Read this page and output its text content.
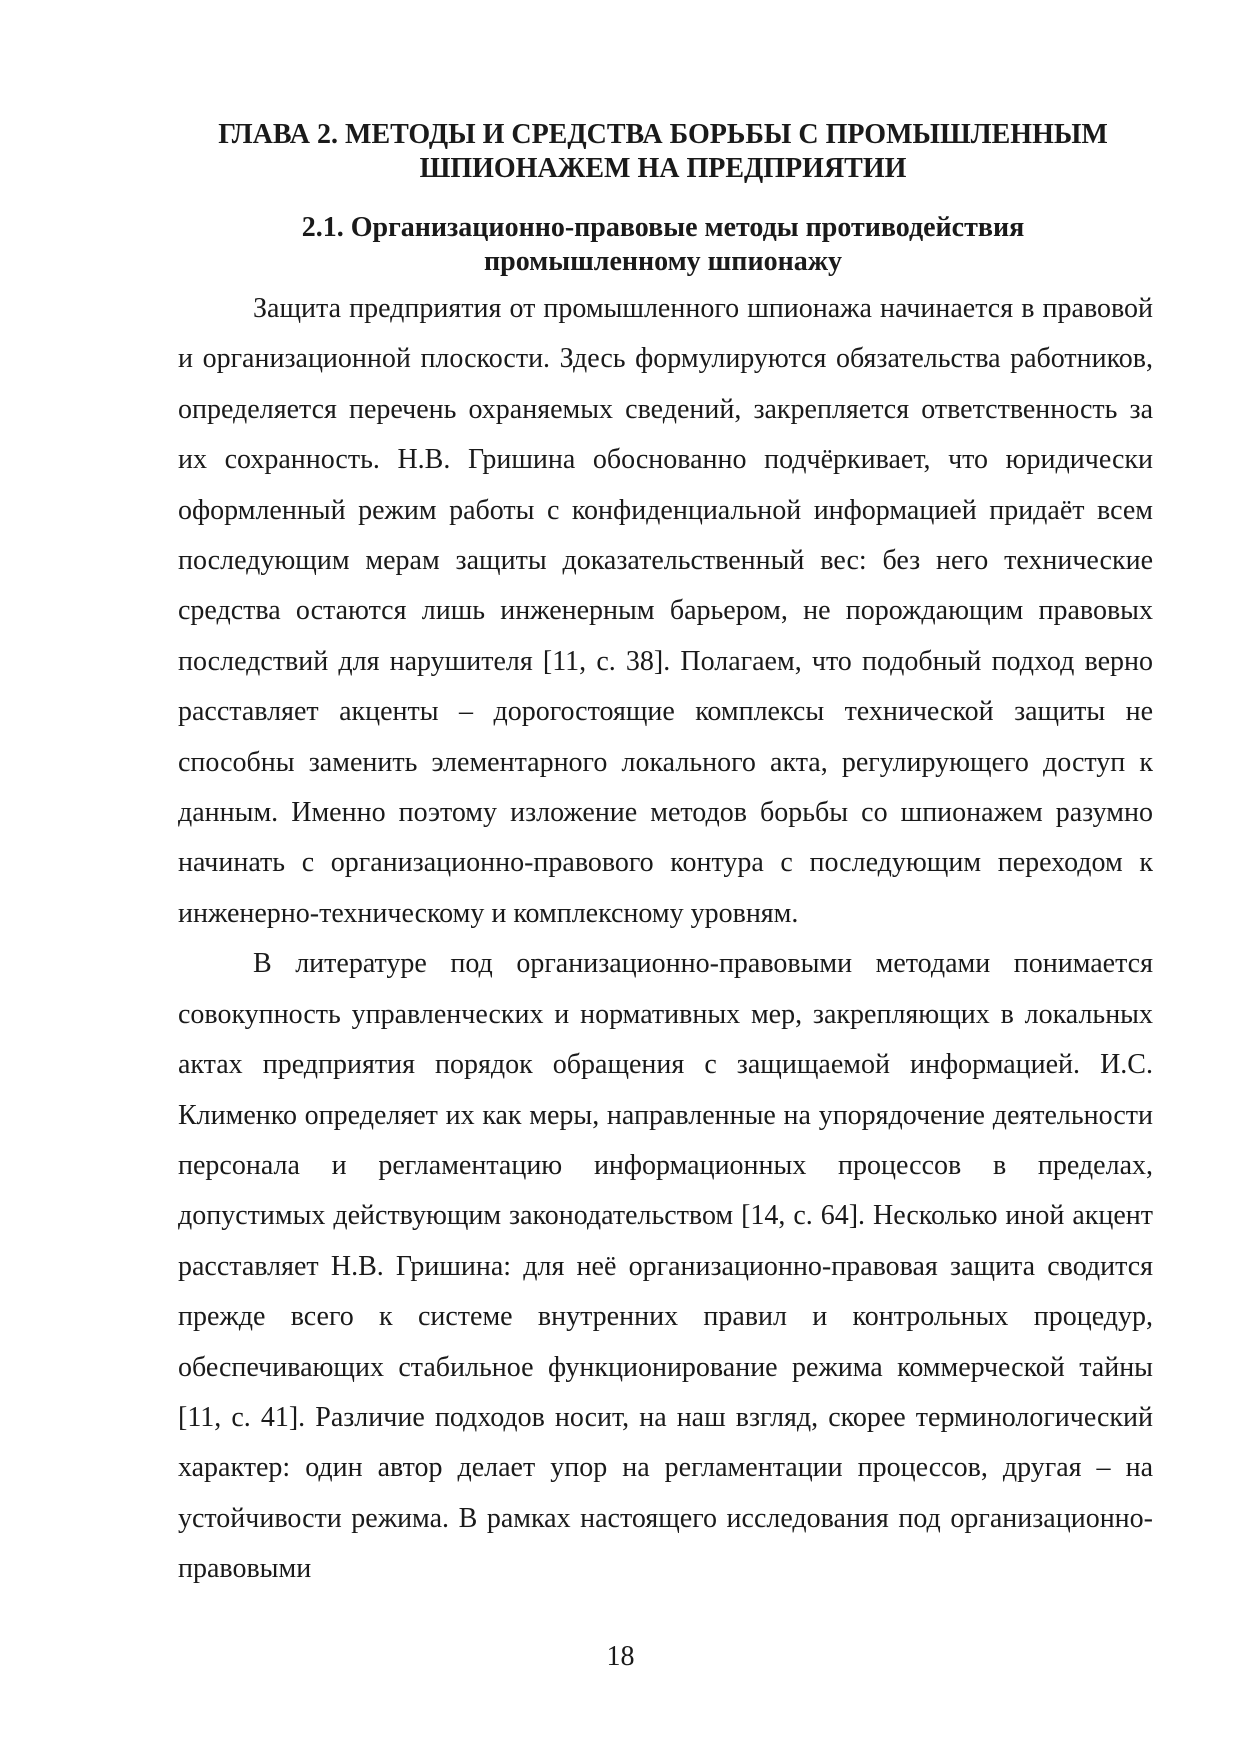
ГЛАВА 2. МЕТОДЫ И СРЕДСТВА БОРЬБЫ С ПРОМЫШЛЕННЫМ
ШПИОНАЖЕМ НА ПРЕДПРИЯТИИ
2.1. Организационно-правовые методы противодействия
промышленному шпионажу

Защита предприятия от промышленного шпионажа начинается в правовой и организационной плоскости. Здесь формулируются обязательства работников, определяется перечень охраняемых сведений, закрепляется ответственность за их сохранность. Н.В. Гришина обоснованно подчёркивает, что юридически оформленный режим работы с конфиденциальной информацией придаёт всем последующим мерам защиты доказательственный вес: без него технические средства остаются лишь инженерным барьером, не порождающим правовых последствий для нарушителя [11, с. 38]. Полагаем, что подобный подход верно расставляет акценты – дорогостоящие комплексы технической защиты не способны заменить элементарного локального акта, регулирующего доступ к данным. Именно поэтому изложение методов борьбы со шпионажем разумно начинать с организационно-правового контура с последующим переходом к инженерно-техническому и комплексному уровням.

В литературе под организационно-правовыми методами понимается совокупность управленческих и нормативных мер, закрепляющих в локальных актах предприятия порядок обращения с защищаемой информацией. И.С. Клименко определяет их как меры, направленные на упорядочение деятельности персонала и регламентацию информационных процессов в пределах, допустимых действующим законодательством [14, с. 64]. Несколько иной акцент расставляет Н.В. Гришина: для неё организационно-правовая защита сводится прежде всего к системе внутренних правил и контрольных процедур, обеспечивающих стабильное функционирование режима коммерческой тайны [11, с. 41]. Различие подходов носит, на наш взгляд, скорее терминологический характер: один автор делает упор на регламентации процессов, другая – на устойчивости режима. В рамках настоящего исследования под организационно-правовыми

18
